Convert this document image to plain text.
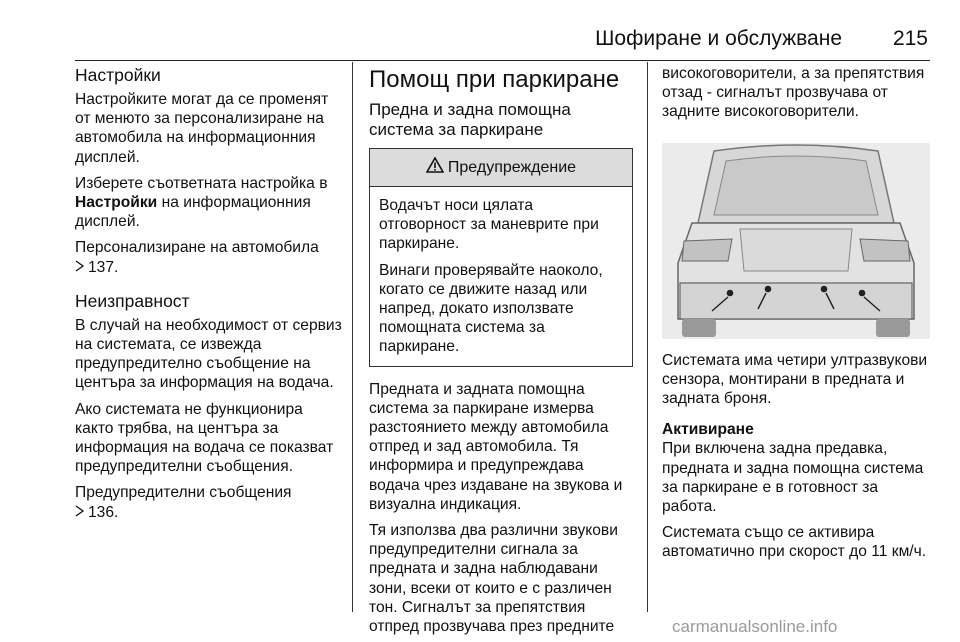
Шофиране и обслужване 215
Настройки

Настройките могат да се променят от менюто за персонализиране на автомобила на информационния дисплей.

Изберете съответната настройка в Настройки на информационния дисплей.

Персонализиране на автомобила
137.

Неизправност

В случай на необходимост от сервиз на системата, се извежда предупредително съобщение на центъра за информация на водача.

Ако системата не функционира както трябва, на центъра за информация на водача се показват предупредителни съобщения.

Предупредителни съобщения
136.

Помощ при паркиране
Предна и задна помощна система за паркиране
Предупреждение

Водачът носи цялата отговорност за маневрите при паркиране.

Винаги проверявайте наоколо, когато се движите назад или напред, докато използвате помощната система за паркиране.

Предната и задната помощна система за паркиране измерва разстоянието между автомобила отпред и зад автомобила. Тя информира и предупреждава водача чрез издаване на звукова и визуална индикация.

Тя използва два различни звукови предупредителни сигнала за предната и задна наблюдавани зони, всеки от които е с различен тон. Сигналът за препятствия отпред прозвучава през предните

високоговорители, а за препятствия отзад - сигналът прозвучава от задните високоговорители.

Системата има четири ултразвукови сензора, монтирани в предната и задната броня.

Активиране

При включена задна предавка, предната и задна помощна система за паркиране е в готовност за работа.

Системата също се активира автоматично при скорост до 11 км/ч.

carmanualsonline.info
